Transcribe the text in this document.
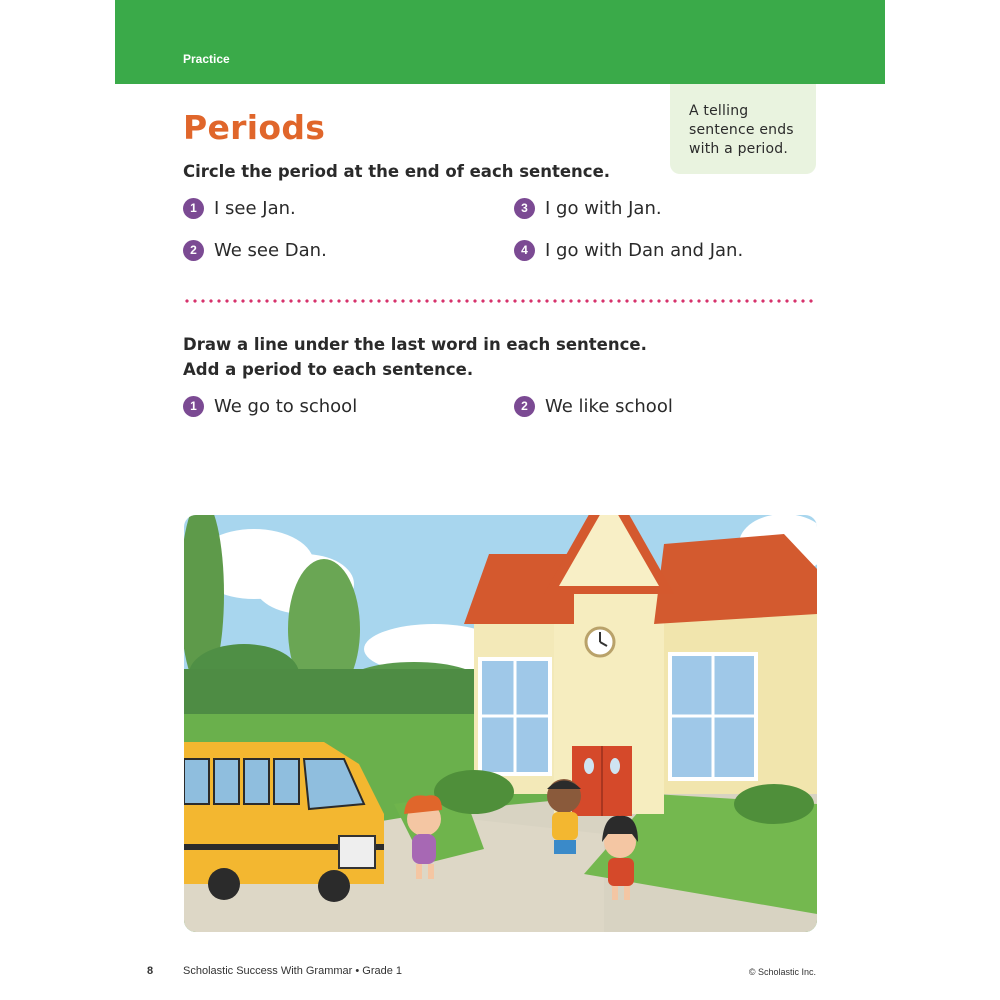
Practice
A telling
sentence ends
with a period.
Periods
Circle the period at the end of each sentence.
1 I see Jan.
2 We see Dan.
3 I go with Jan.
4 I go with Dan and Jan.
Draw a line under the last word in each sentence.
Add a period to each sentence.
1 We go to school	2 We like school
8	Scholastic Success With Grammar • Grade 1	© Scholastic Inc.
